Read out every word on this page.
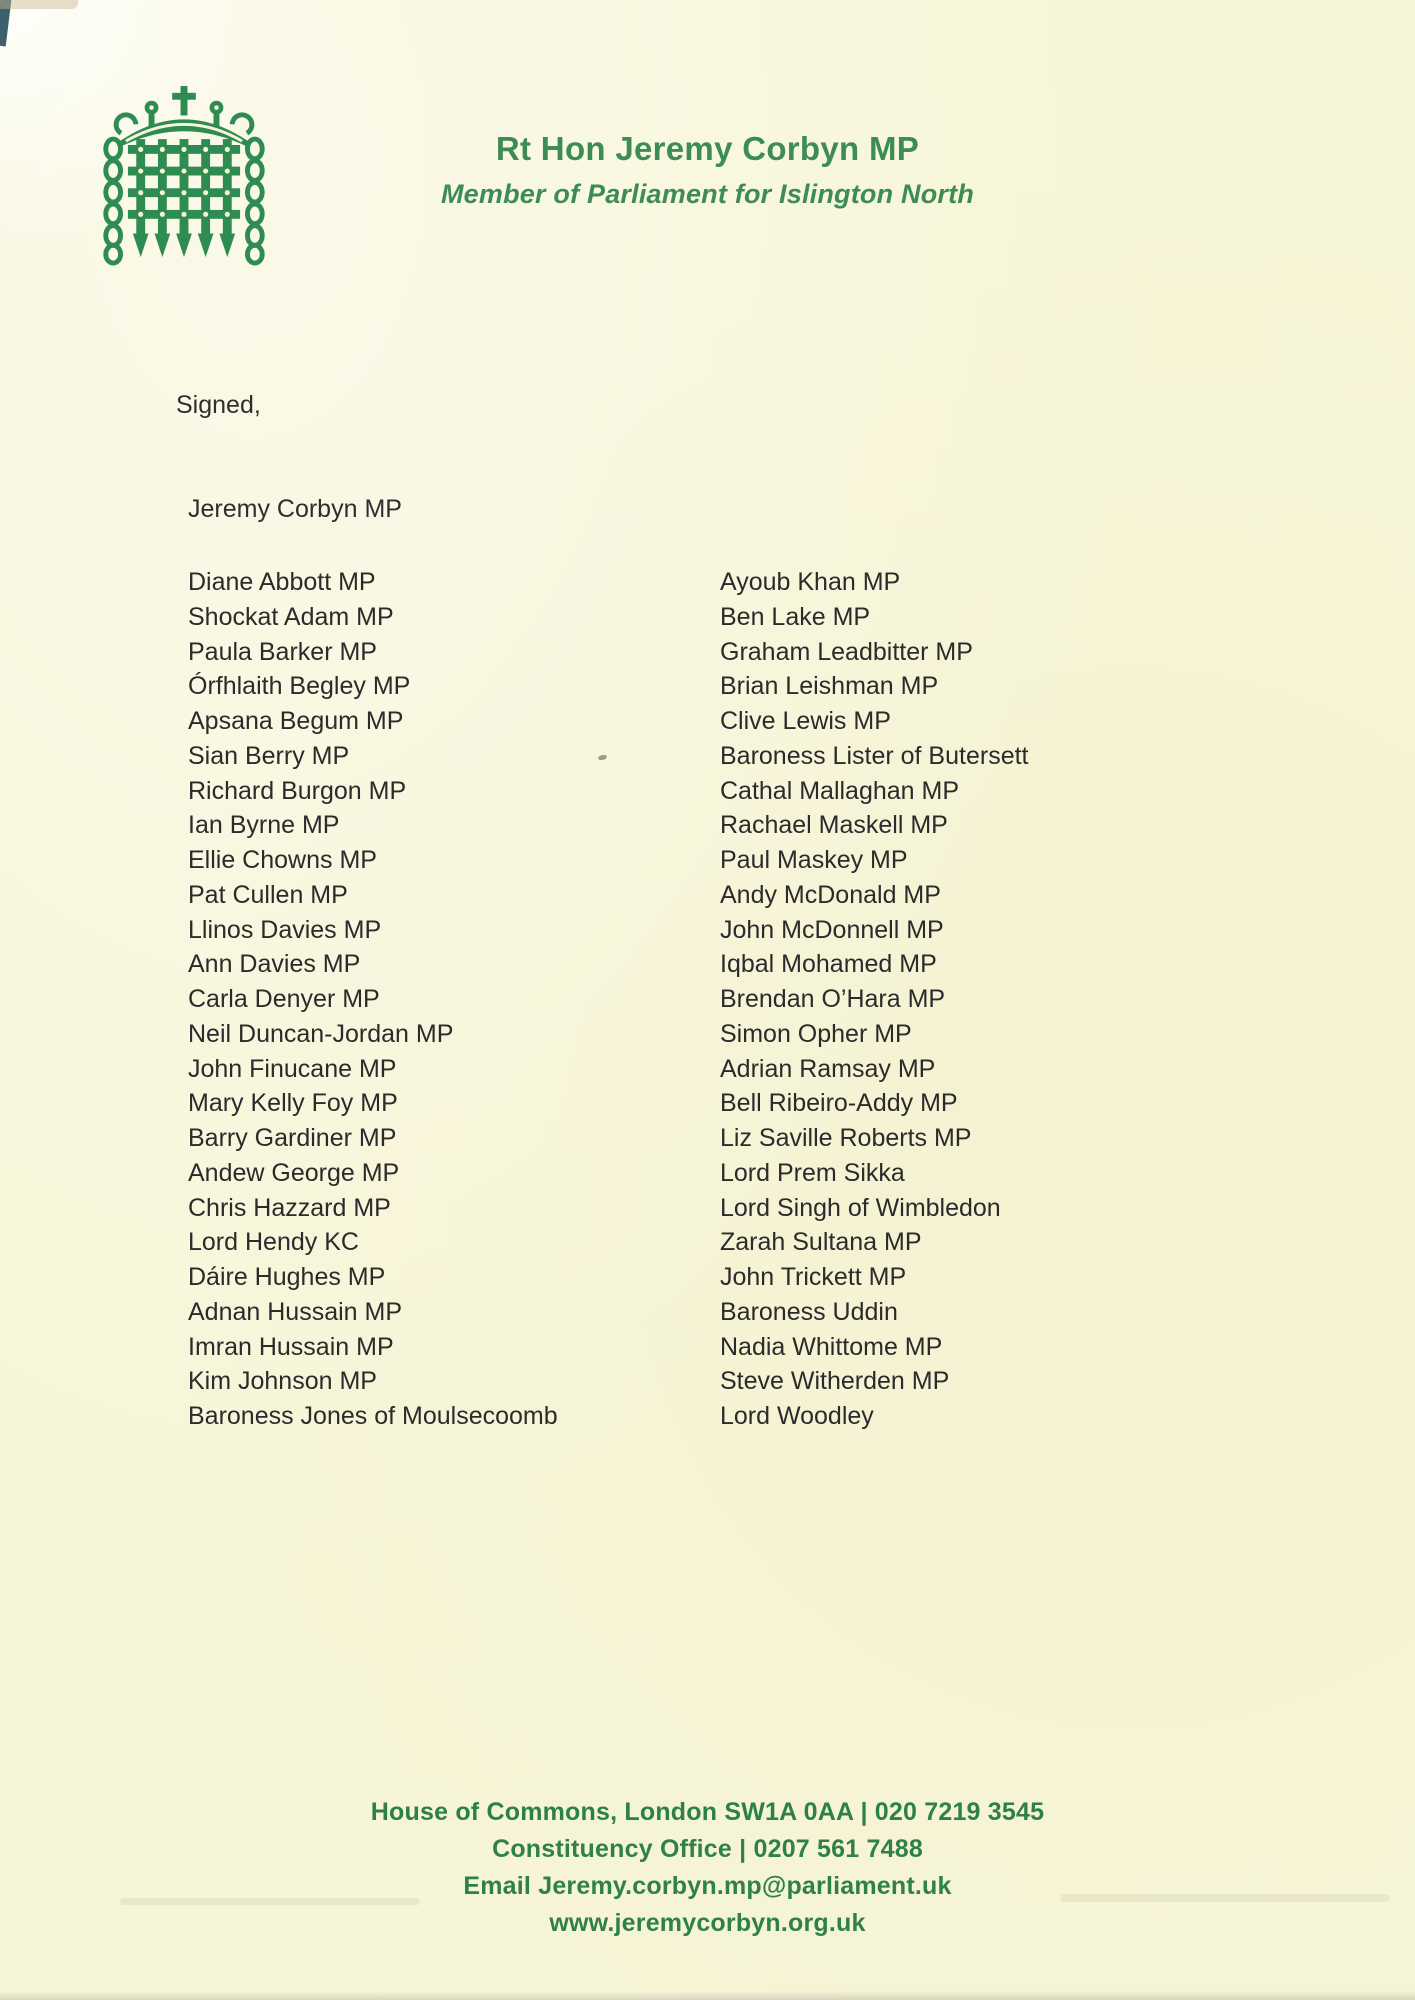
Rt Hon Jeremy Corbyn MP
Member of Parliament for Islington North
Signed,
Jeremy Corbyn MP
Diane Abbott MP
Shockat Adam MP
Paula Barker MP
Órfhlaith Begley MP
Apsana Begum MP
Sian Berry MP
Richard Burgon MP
Ian Byrne MP
Ellie Chowns MP
Pat Cullen MP
Llinos Davies MP
Ann Davies MP
Carla Denyer MP
Neil Duncan-Jordan MP
John Finucane MP
Mary Kelly Foy MP
Barry Gardiner MP
Andew George MP
Chris Hazzard MP
Lord Hendy KC
Dáire Hughes MP
Adnan Hussain MP
Imran Hussain MP
Kim Johnson MP
Baroness Jones of Moulsecoomb
Ayoub Khan MP
Ben Lake MP
Graham Leadbitter MP
Brian Leishman MP
Clive Lewis MP
Baroness Lister of Butersett
Cathal Mallaghan MP
Rachael Maskell MP
Paul Maskey MP
Andy McDonald MP
John McDonnell MP
Iqbal Mohamed MP
Brendan O’Hara MP
Simon Opher MP
Adrian Ramsay MP
Bell Ribeiro-Addy MP
Liz Saville Roberts MP
Lord Prem Sikka
Lord Singh of Wimbledon
Zarah Sultana MP
John Trickett MP
Baroness Uddin
Nadia Whittome MP
Steve Witherden MP
Lord Woodley
House of Commons, London SW1A 0AA | 020 7219 3545
Constituency Office | 0207 561 7488
Email Jeremy.corbyn.mp@parliament.uk
www.jeremycorbyn.org.uk
